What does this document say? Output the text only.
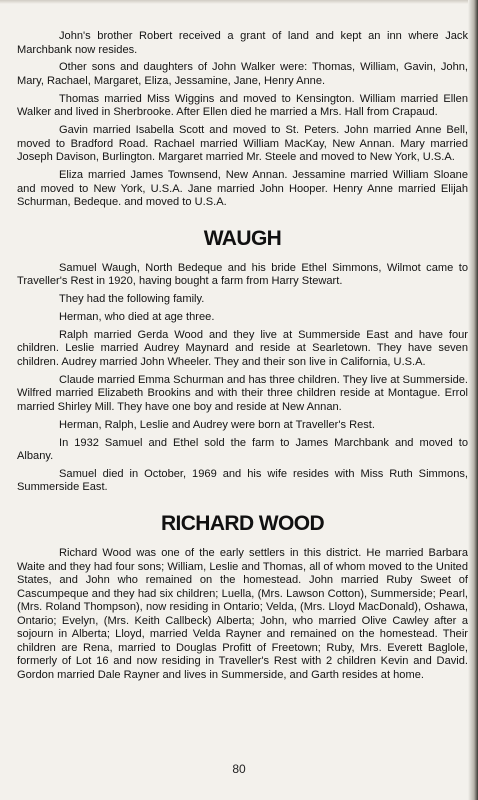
John's brother Robert received a grant of land and kept an inn where Jack Marchbank now resides.

Other sons and daughters of John Walker were: Thomas, William, Gavin, John, Mary, Rachael, Margaret, Eliza, Jessamine, Jane, Henry Anne.

Thomas married Miss Wiggins and moved to Kensington. William married Ellen Walker and lived in Sherbrooke. After Ellen died he married a Mrs. Hall from Crapaud.

Gavin married Isabella Scott and moved to St. Peters. John married Anne Bell, moved to Bradford Road. Rachael married William MacKay, New Annan. Mary married Joseph Davison, Burlington. Margaret married Mr. Steele and moved to New York, U.S.A.

Eliza married James Townsend, New Annan. Jessamine married William Sloane and moved to New York, U.S.A. Jane married John Hooper. Henry Anne married Elijah Schurman, Bedeque. and moved to U.S.A.

WAUGH

Samuel Waugh, North Bedeque and his bride Ethel Simmons, Wilmot came to Traveller's Rest in 1920, having bought a farm from Harry Stewart.

They had the following family.

Herman, who died at age three.

Ralph married Gerda Wood and they live at Summerside East and have four children. Leslie married Audrey Maynard and reside at Searletown. They have seven children. Audrey married John Wheeler. They and their son live in California, U.S.A.

Claude married Emma Schurman and has three children. They live at Summerside. Wilfred married Elizabeth Brookins and with their three children reside at Montague. Errol married Shirley Mill. They have one boy and reside at New Annan.

Herman, Ralph, Leslie and Audrey were born at Traveller's Rest.

In 1932 Samuel and Ethel sold the farm to James Marchbank and moved to Albany.

Samuel died in October, 1969 and his wife resides with Miss Ruth Simmons, Summerside East.

RICHARD WOOD

Richard Wood was one of the early settlers in this district. He married Barbara Waite and they had four sons; William, Leslie and Thomas, all of whom moved to the United States, and John who remained on the homestead. John married Ruby Sweet of Cascumpeque and they had six children; Luella, (Mrs. Lawson Cotton), Summerside; Pearl, (Mrs. Roland Thompson), now residing in Ontario; Velda, (Mrs. Lloyd MacDonald), Oshawa, Ontario; Evelyn, (Mrs. Keith Callbeck) Alberta; John, who married Olive Cawley after a sojourn in Alberta; Lloyd, married Velda Rayner and remained on the homestead. Their children are Rena, married to Douglas Profitt of Freetown; Ruby, Mrs. Everett Baglole, formerly of Lot 16 and now residing in Traveller's Rest with 2 children Kevin and David. Gordon married Dale Rayner and lives in Summerside, and Garth resides at home.

80
